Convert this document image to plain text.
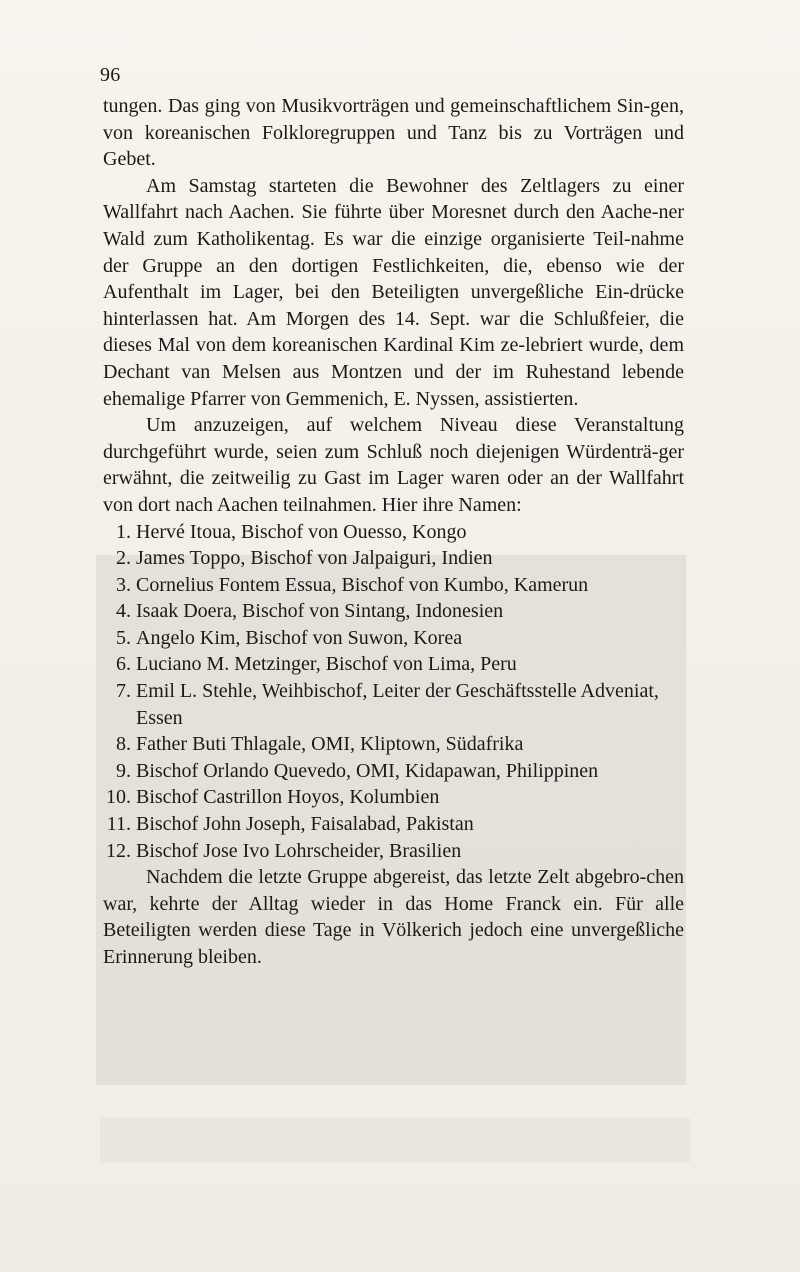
96

tungen. Das ging von Musikvorträgen und gemeinschaftlichem Sin-gen, von koreanischen Folkloregruppen und Tanz bis zu Vorträgen und Gebet.

Am Samstag starteten die Bewohner des Zeltlagers zu einer Wallfahrt nach Aachen. Sie führte über Moresnet durch den Aache-ner Wald zum Katholikentag. Es war die einzige organisierte Teil-nahme der Gruppe an den dortigen Festlichkeiten, die, ebenso wie der Aufenthalt im Lager, bei den Beteiligten unvergeßliche Ein-drücke hinterlassen hat. Am Morgen des 14. Sept. war die Schlußfeier, die dieses Mal von dem koreanischen Kardinal Kim ze-lebriert wurde, dem Dechant van Melsen aus Montzen und der im Ruhestand lebende ehemalige Pfarrer von Gemmenich, E. Nyssen, assistierten.

Um anzuzeigen, auf welchem Niveau diese Veranstaltung durchgeführt wurde, seien zum Schluß noch diejenigen Würdenträ-ger erwähnt, die zeitweilig zu Gast im Lager waren oder an der Wallfahrt von dort nach Aachen teilnahmen. Hier ihre Namen:

1. Hervé Itoua, Bischof von Ouesso, Kongo
2. James Toppo, Bischof von Jalpaiguri, Indien
3. Cornelius Fontem Essua, Bischof von Kumbo, Kamerun
4. Isaak Doera, Bischof von Sintang, Indonesien
5. Angelo Kim, Bischof von Suwon, Korea
6. Luciano M. Metzinger, Bischof von Lima, Peru
7. Emil L. Stehle, Weihbischof, Leiter der Geschäftsstelle Adveniat, Essen
8. Father Buti Thlagale, OMI, Kliptown, Südafrika
9. Bischof Orlando Quevedo, OMI, Kidapawan, Philippinen
10. Bischof Castrillon Hoyos, Kolumbien
11. Bischof John Joseph, Faisalabad, Pakistan
12. Bischof Jose Ivo Lohrscheider, Brasilien

Nachdem die letzte Gruppe abgereist, das letzte Zelt abgebro-chen war, kehrte der Alltag wieder in das Home Franck ein. Für alle Beteiligten werden diese Tage in Völkerich jedoch eine unvergeßliche Erinnerung bleiben.
